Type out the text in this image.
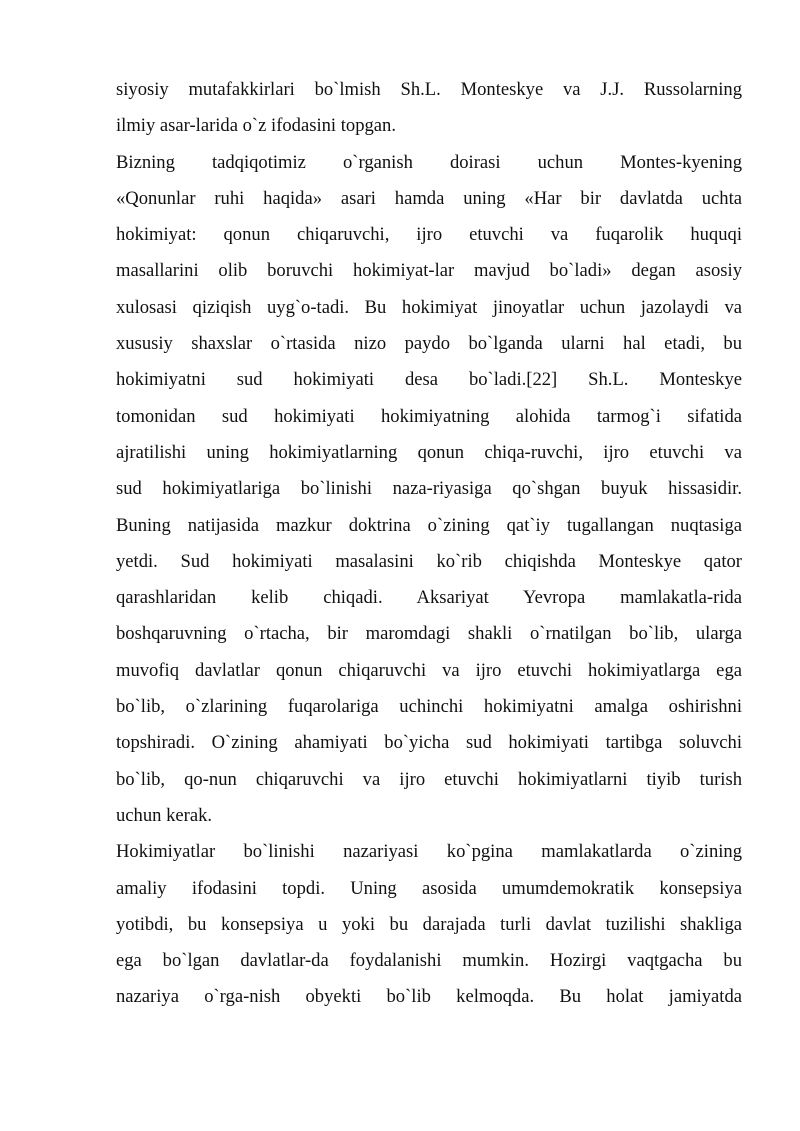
siyosiy mutafakkirlari bo`lmish Sh.L. Monteskye va J.J. Russolarning
ilmiy asar-larida o`z ifodasini topgan.
Bizning tadqiqotimiz o`rganish doirasi uchun Montes-kyening
«Qonunlar ruhi haqida» asari hamda uning «Har bir davlatda uchta
hokimiyat: qonun chiqaruvchi, ijro etuvchi va fuqarolik huquqi
masallarini olib boruvchi hokimiyat-lar mavjud bo`ladi» degan asosiy
xulosasi qiziqish uyg`o-tadi. Bu hokimiyat jinoyatlar uchun jazolaydi va
xususiy shaxslar o`rtasida nizo paydo bo`lganda ularni hal etadi, bu
hokimiyatni sud hokimiyati desa bo`ladi.[22] Sh.L. Monteskye
tomonidan sud hokimiyati hokimiyatning alohida tarmog`i sifatida
ajratilishi uning hokimiyatlarning qonun chiqa-ruvchi, ijro etuvchi va
sud hokimiyatlariga bo`linishi naza-riyasiga qo`shgan buyuk hissasidir.
Buning natijasida mazkur doktrina o`zining qat`iy tugallangan nuqtasiga
yetdi. Sud hokimiyati masalasini ko`rib chiqishda Monteskye qator
qarashlaridan kelib chiqadi. Aksariyat Yevropa mamlakatla-rida
boshqaruvning o`rtacha, bir maromdagi shakli o`rnatilgan bo`lib, ularga
muvofiq davlatlar qonun chiqaruvchi va ijro etuvchi hokimiyatlarga ega
bo`lib, o`zlarining fuqarolariga uchinchi hokimiyatni amalga oshirishni
topshiradi. O`zining ahamiyati bo`yicha sud hokimiyati tartibga soluvchi
bo`lib, qo-nun chiqaruvchi va ijro etuvchi hokimiyatlarni tiyib turish
uchun kerak.
Hokimiyatlar bo`linishi nazariyasi ko`pgina mamlakatlarda o`zining
amaliy ifodasini topdi. Uning asosida umumdemokratik konsepsiya
yotibdi, bu konsepsiya u yoki bu darajada turli davlat tuzilishi shakliga
ega bo`lgan davlatlar-da foydalanishi mumkin. Hozirgi vaqtgacha bu
nazariya o`rga-nish obyekti bo`lib kelmoqda. Bu holat jamiyatda
